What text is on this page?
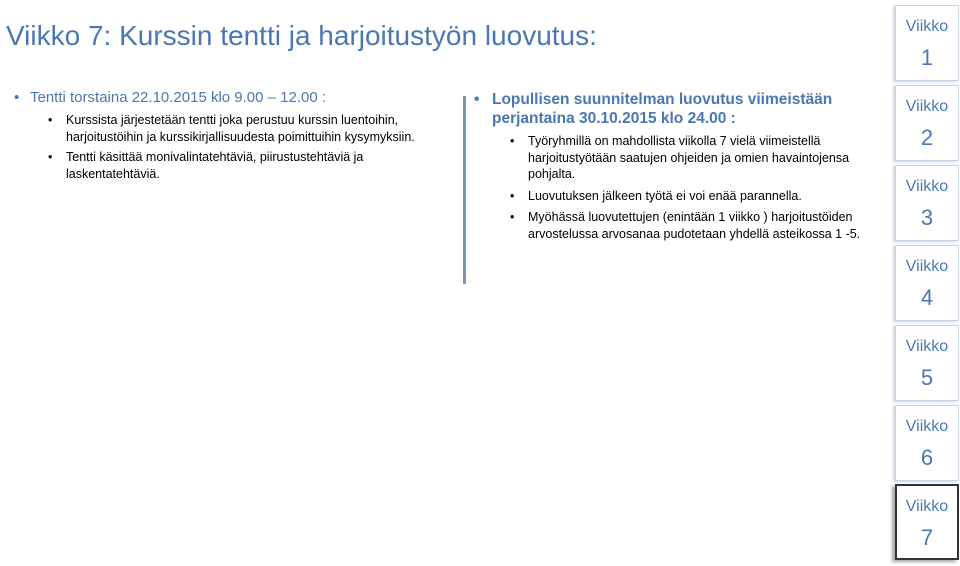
Viikko 7: Kurssin tentti ja harjoitustyön luovutus:
• Tentti torstaina 22.10.2015 klo 9.00 – 12.00 :
• Kurssista järjestetään tentti joka perustuu kurssin luentoihin, harjoitustöihin ja kurssikirjallisuudesta poimittuihin kysymyksiin.
• Tentti käsittää monivalintatehtäviä, piirustustehtäviä ja laskentatehtäviä.
• Lopullisen suunnitelman luovutus viimeistään perjantaina 30.10.2015 klo 24.00 :
• Työryhmillä on mahdollista viikolla 7 vielä viimeistellä harjoitustyötään saatujen ohjeiden ja omien havaintojensa pohjalta.
• Luovutuksen jälkeen työtä ei voi enää parannella.
• Myöhässä luovutettujen (enintään 1 viikko ) harjoitustöiden arvostelussa arvosanaa pudotetaan yhdellä asteikossa 1 -5.
Viikko
1
Viikko
2
Viikko
3
Viikko
4
Viikko
5
Viikko
6
Viikko
7
